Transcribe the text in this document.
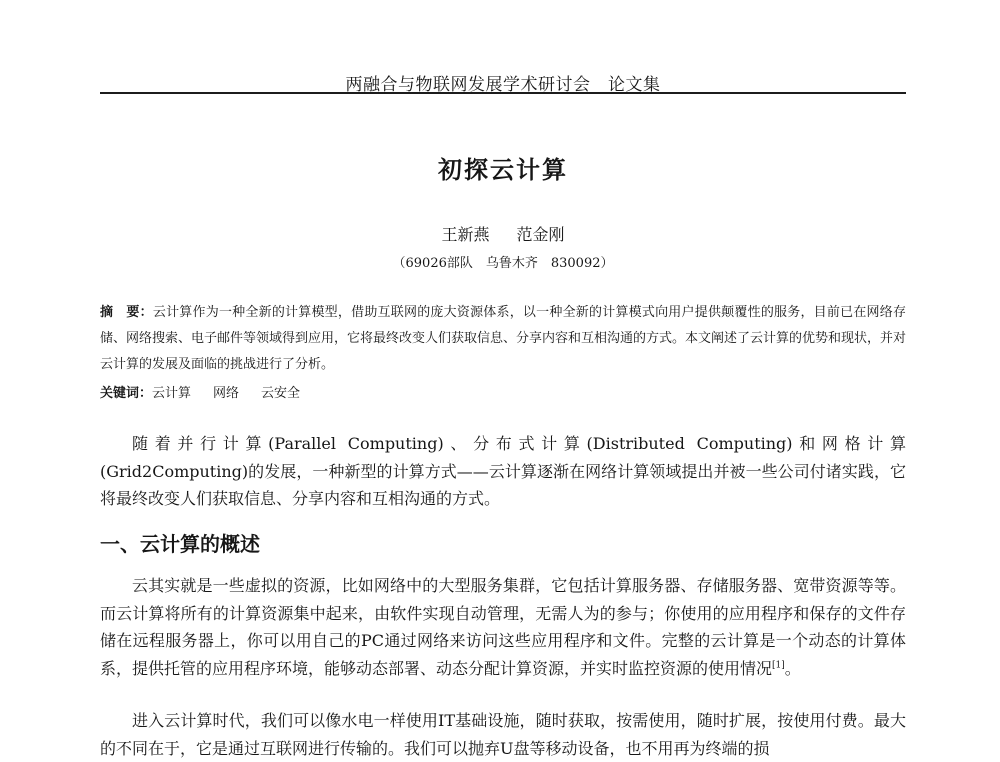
两融合与物联网发展学术研讨会　论文集
初探云计算
王新燕 范金刚
（69026部队　乌鲁木齐　830092）
摘　要：云计算作为一种全新的计算模型，借助互联网的庞大资源体系，以一种全新的计算模式向用户提供颠覆性的服务，目前已在网络存储、网络搜索、电子邮件等领域得到应用，它将最终改变人们获取信息、分享内容和互相沟通的方式。本文阐述了云计算的优势和现状，并对云计算的发展及面临的挑战进行了分析。
关键词：云计算 网络 云安全
随着并行计算(Parallel Computing)、分布式计算(Distributed Computing)和网格计算(Grid2Computing)的发展，一种新型的计算方式——云计算逐渐在网络计算领域提出并被一些公司付诸实践，它将最终改变人们获取信息、分享内容和互相沟通的方式。
一、云计算的概述
云其实就是一些虚拟的资源，比如网络中的大型服务集群，它包括计算服务器、存储服务器、宽带资源等等。而云计算将所有的计算资源集中起来，由软件实现自动管理，无需人为的参与；你使用的应用程序和保存的文件存储在远程服务器上，你可以用自己的PC通过网络来访问这些应用程序和文件。完整的云计算是一个动态的计算体系，提供托管的应用程序环境，能够动态部署、动态分配计算资源，并实时监控资源的使用情况[1]。
进入云计算时代，我们可以像水电一样使用IT基础设施，随时获取，按需使用，随时扩展，按使用付费。最大的不同在于，它是通过互联网进行传输的。我们可以抛弃U盘等移动设备，也不用再为终端的损
